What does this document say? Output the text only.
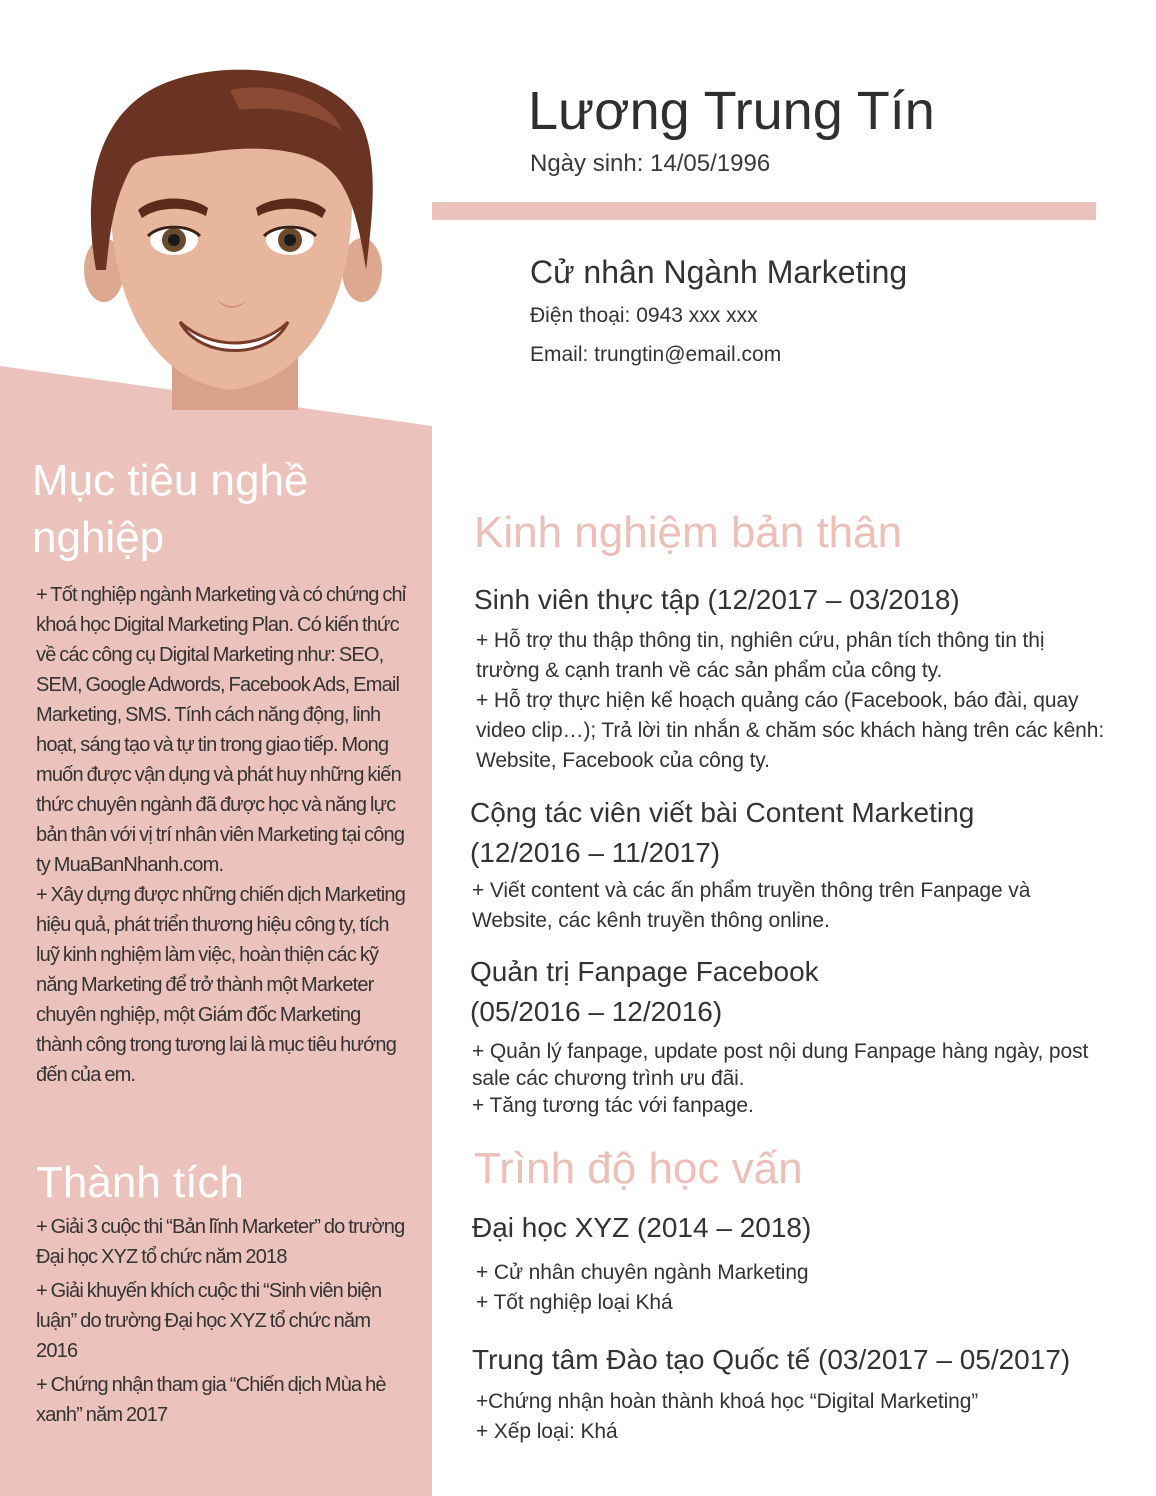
Lương Trung Tín
Ngày sinh: 14/05/1996
Cử nhân Ngành Marketing
Điện thoại: 0943 xxx xxx
Email: trungtin@email.com
Mục tiêu nghề nghiệp

+ Tốt nghiệp ngành Marketing và có chứng chỉ khoá học Digital Marketing Plan. Có kiến thức về các công cụ Digital Marketing như: SEO, SEM, Google Adwords, Facebook Ads, Email Marketing, SMS. Tính cách năng động, linh hoạt, sáng tạo và tự tin trong giao tiếp. Mong muốn được vận dụng và phát huy những kiến thức chuyên ngành đã được học và năng lực bản thân với vị trí nhân viên Marketing tại công ty MuaBanNhanh.com.

+ Xây dựng được những chiến dịch Marketing hiệu quả, phát triển thương hiệu công ty, tích luỹ kinh nghiệm làm việc, hoàn thiện các kỹ năng Marketing để trở thành một Marketer chuyên nghiệp, một Giám đốc Marketing thành công trong tương lai là mục tiêu hướng đến của em.

Thành tích

+ Giải 3 cuộc thi “Bản lĩnh Marketer” do trường Đại học XYZ tổ chức năm 2018

+ Giải khuyến khích cuộc thi “Sinh viên biện luận” do trường Đại học XYZ tổ chức năm 2016

+ Chứng nhận tham gia “Chiến dịch Mùa hè xanh” năm 2017

Kinh nghiệm bản thân
Sinh viên thực tập (12/2017 – 03/2018)

+ Hỗ trợ thu thập thông tin, nghiên cứu, phân tích thông tin thị trường & cạnh tranh về các sản phẩm của công ty.

+ Hỗ trợ thực hiện kế hoạch quảng cáo (Facebook, báo đài, quay video clip…); Trả lời tin nhắn & chăm sóc khách hàng trên các kênh: Website, Facebook của công ty.

Cộng tác viên viết bài Content Marketing (12/2016 – 11/2017)

+ Viết content và các ấn phẩm truyền thông trên Fanpage và Website, các kênh truyền thông online.

Quản trị Fanpage Facebook (05/2016 – 12/2016)

+ Quản lý fanpage, update post nội dung Fanpage hàng ngày, post sale các chương trình ưu đãi.

+ Tăng tương tác với fanpage.

Trình độ học vấn
Đại học XYZ (2014 – 2018)

+ Cử nhân chuyên ngành Marketing

+ Tốt nghiệp loại Khá

Trung tâm Đào tạo Quốc tế (03/2017 – 05/2017)

+Chứng nhận hoàn thành khoá học “Digital Marketing”

+ Xếp loại: Khá
